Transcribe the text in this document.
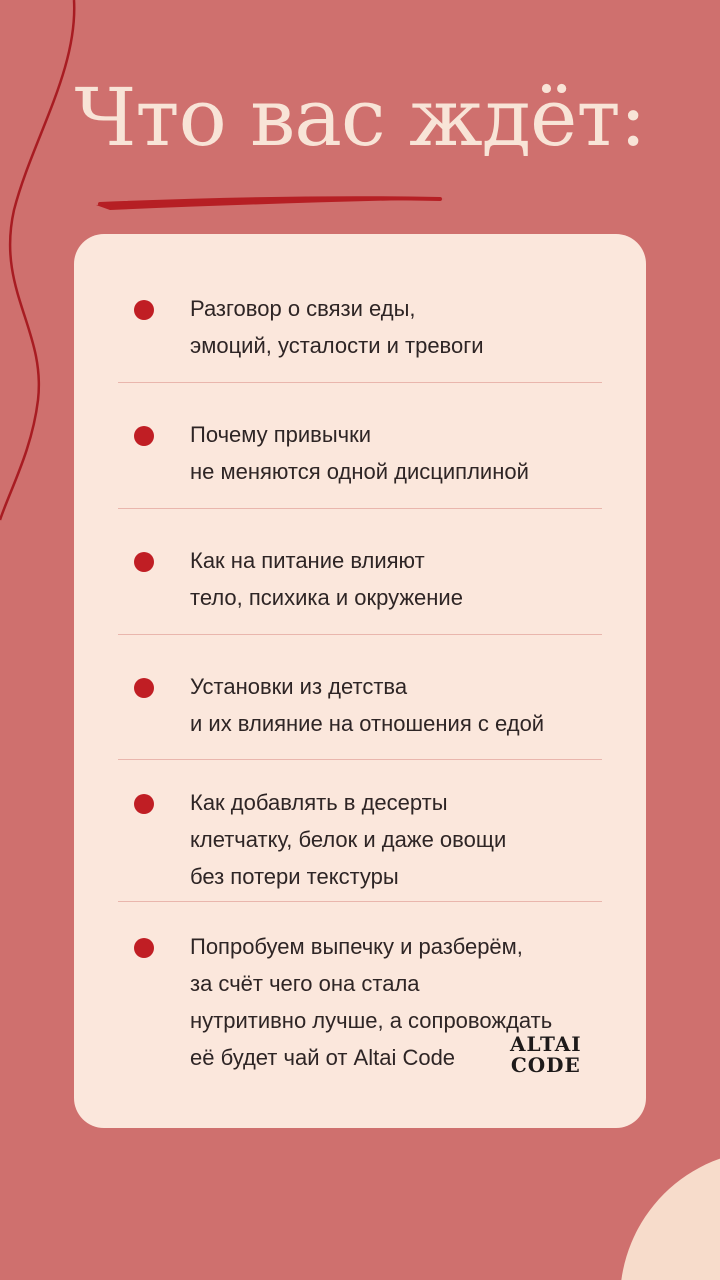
Что вас ждёт:
Разговор о связи еды,
эмоций, усталости и тревоги
Почему привычки
не меняются одной дисциплиной
Как на питание влияют
тело, психика и окружение
Установки из детства
и их влияние на отношения с едой
Как добавлять в десерты
клетчатку, белок и даже овощи
без потери текстуры
Попробуем выпечку и разберём,
за счёт чего она стала
нутритивно лучше, а сопровождать
её будет чай от Altai Code
ALTAI
CODE
